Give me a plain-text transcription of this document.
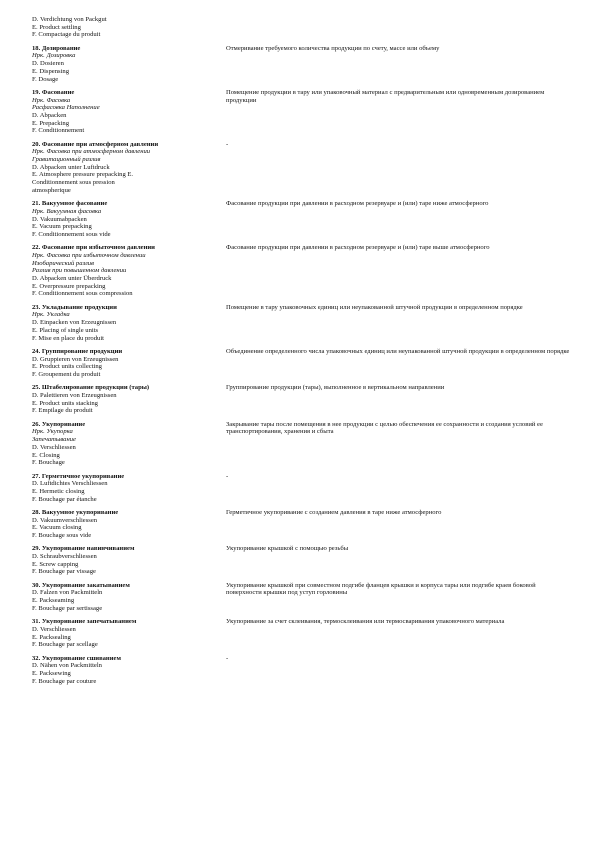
D. Verdichtung von Packgut
E. Product settling
F. Compactage du produit
18. Дозирование
Нрк. Дозировка
D. Dosieren
E. Dispensing
F. Dosage
Отмеривание требуемого количества продукции по счету, массе или объему
19. Фасование
Нрк. Фасовка
Расфасовка Наполнение
D. Abpacken
E. Prepacking
F. Conditionnement
Помещение продукции в тару или упаковочный материал с предварительным или одновременным дозированием продукции
20. Фасование при атмосферном давлении
Нрк. Фасовка при атмосферном давлении
Гравитационный разлив
D. Abpacken unter Luftdruck
E. Atmosphere pressure prepacking E.
Conditionnement sous pression
atmospherique
-
21. Вакуумное фасование
Нрк. Вакуумная фасовка
D. Vakuumabpacken
E. Vacuum prepacking
F. Conditionnement sous vide
Фасование продукции при давлении в расходном резервуаре и (или) таре ниже атмосферного
22. Фасование при избыточном давлении
Нрк. Фасовка при избыточном давлении
Изобарический разлив
Разлив при повышенном давлении
D. Abpacken unter Überdruck
E. Overpressure prepacking
F. Conditionnement sous compression
Фасование продукции при давлении в расходном резервуаре и (или) таре выше атмосферного
23. Укладывание продукции
Нрк. Укладка
D. Einpacken von Erzeugnissen
E. Placing of single units
F. Mise en place du produit
Помещение в тару упаковочных единиц или неупакованной штучной продукции в определенном порядке
24. Группирование продукции
D. Gruppieren von Erzeugnissen
E. Product units collecting
F. Groupement du produit
Объединение определенного числа упаковочных единиц или неупакованной штучной продукции в определенном порядке
25. Штабелирование продукции (тары)
D. Palettieren von Erzeugnissen
E. Product units stacking
F. Empilage du produit
Группирование продукции (тары), выполненное в вертикальном направлении
26. Укупоривание
Нрк. Укупорка
Запечатывание
D. Verschliessen
E. Closing
F. Bouchage
Закрывание тары после помещения в нее продукции с целью обеспечения ее сохранности и создания условий ее транспортирования, хранения и сбыта
27. Герметичное укупоривание
D. Luftdichtes Verschliessen
E. Hermetic closing
F. Bouchage par étanche
-
28. Вакуумное укупоривание
D. Vakuumverschliessen
E. Vacuum closing
F. Bouchage sous vide
Герметичное укупоривание с созданием давления в таре ниже атмосферного
29. Укупоривание навинчиванием
D. Schraubverschliessen
E. Screw capping
F. Bouchage par vissage
Укупоривание крышкой с помощью резьбы
30. Укупоривание закатыванием
D. Falzen von Packmitteln
E. Packseaming
F. Bouchage par sertissage
Укупоривание крышкой при совместном подгибе фланцев крышки и корпуса тары или подгибе краев боковой поверхности крышки под уступ горловины
31. Укупоривание запечатыванием
D. Verschliessen
E. Packsealing
F. Bouchage par scellage
Укупоривание за счет склеивания, термосклеивания или термосваривания упаковочного материала
32. Укупоривание сшиванием
D. Nähen von Packmitteln
E. Packsewing
F. Bouchage par couture
-
